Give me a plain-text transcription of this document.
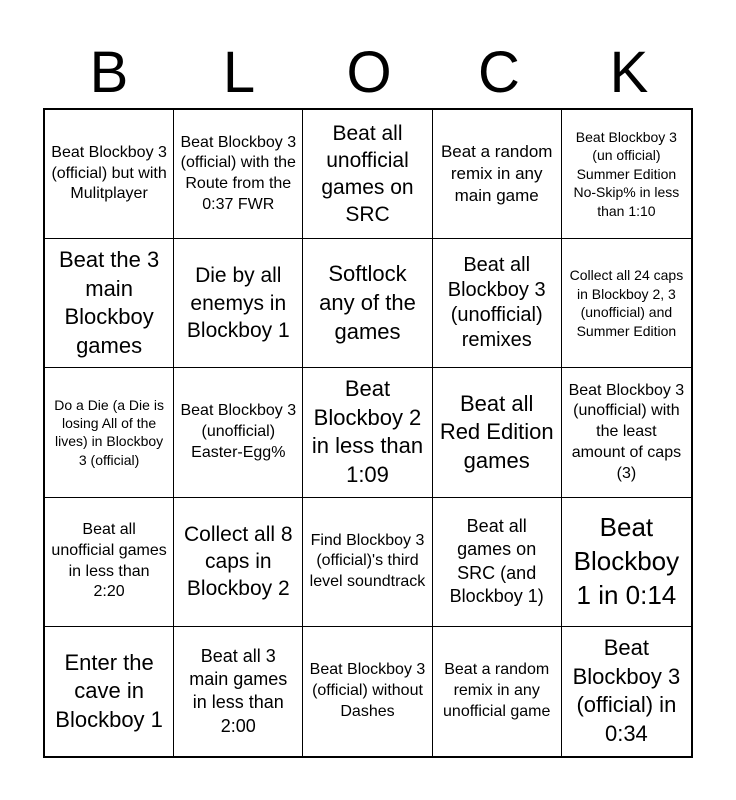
B	L	O	C	K
Beat Blockboy 3 (official) but with Mulitplayer
Beat Blockboy 3 (official) with the Route from the 0:37 FWR
Beat all unofficial games on SRC
Beat a random remix in any main game
Beat Blockboy 3 (un official) Summer Edition No-Skip% in less than 1:10
Beat the 3 main Blockboy games
Die by all enemys in Blockboy 1
Softlock any of the games
Beat all Blockboy 3 (unofficial) remixes
Collect all 24 caps in Blockboy 2, 3 (unofficial) and Summer Edition
Do a Die (a Die is losing All of the lives) in Blockboy 3 (official)
Beat Blockboy 3 (unofficial) Easter-Egg%
Beat Blockboy 2 in less than 1:09
Beat all Red Edition games
Beat Blockboy 3 (unofficial) with the least amount of caps (3)
Beat all unofficial games in less than 2:20
Collect all 8 caps in Blockboy 2
Find Blockboy 3 (official)'s third level soundtrack
Beat all games on SRC (and Blockboy 1)
Beat Blockboy 1 in 0:14
Enter the cave in Blockboy 1
Beat all 3 main games in less than 2:00
Beat Blockboy 3 (official) without Dashes
Beat a random remix in any unofficial game
Beat Blockboy 3 (official) in 0:34
